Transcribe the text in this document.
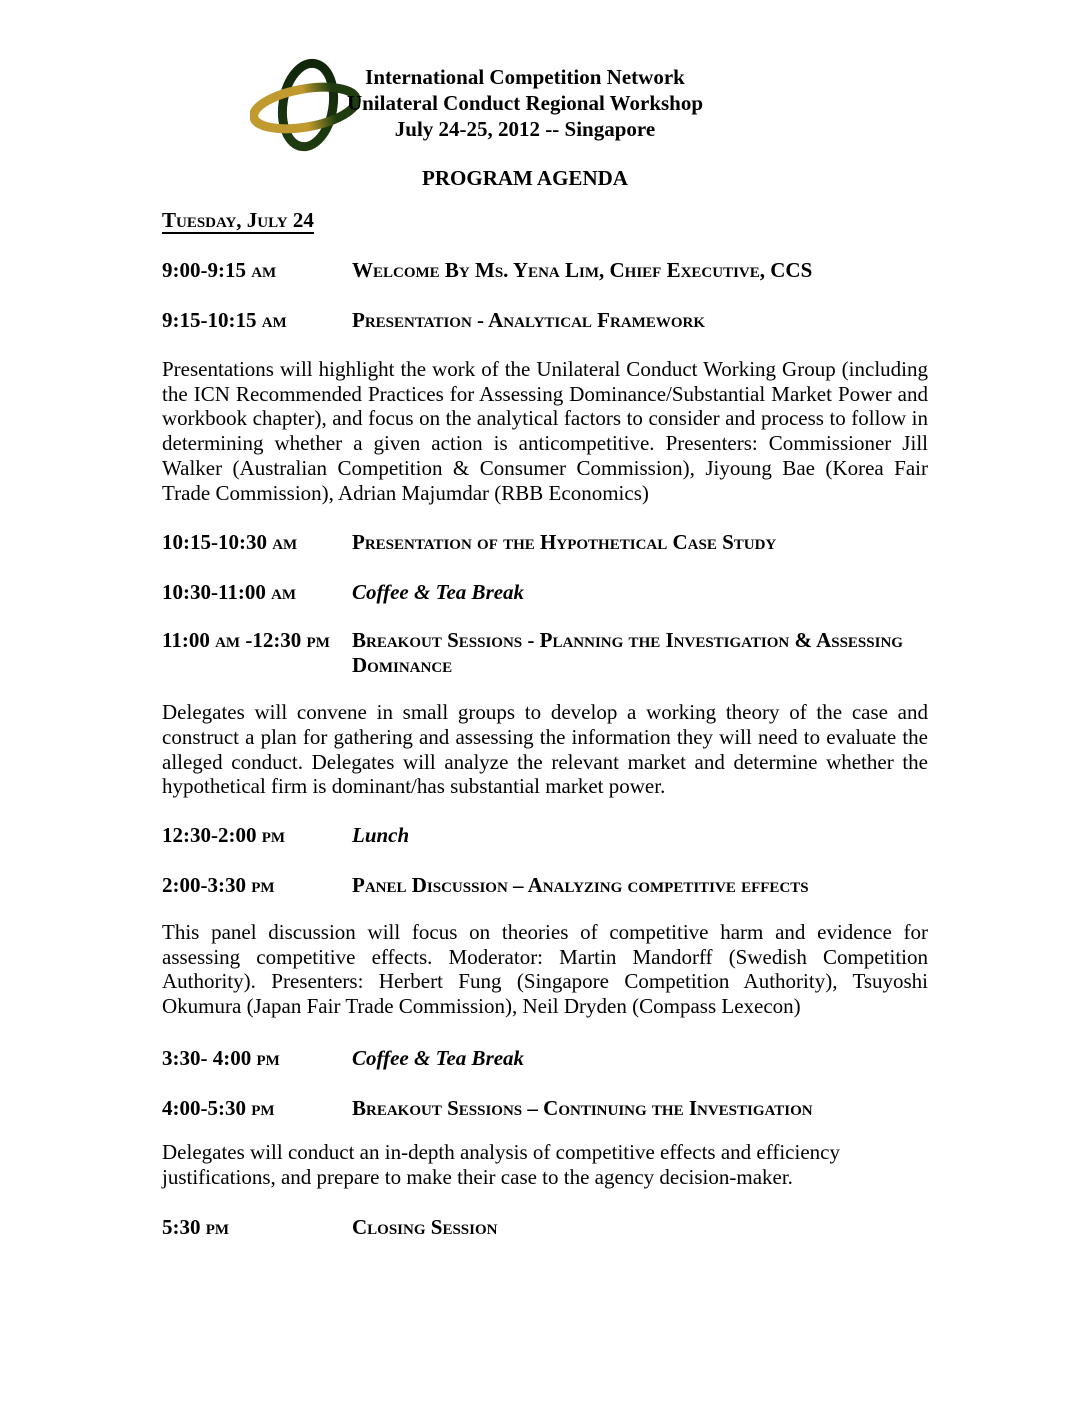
International Competition Network
Unilateral Conduct Regional Workshop
July 24-25, 2012 -- Singapore
PROGRAM AGENDA
Tuesday, July 24
9:00-9:15 am	Welcome By Ms. Yena Lim, Chief Executive, CCS
9:15-10:15 am	Presentation - Analytical Framework

Presentations will highlight the work of the Unilateral Conduct Working Group (including the ICN Recommended Practices for Assessing Dominance/Substantial Market Power and workbook chapter), and focus on the analytical factors to consider and process to follow in determining whether a given action is anticompetitive. Presenters: Commissioner Jill Walker (Australian Competition & Consumer Commission), Jiyoung Bae (Korea Fair Trade Commission), Adrian Majumdar (RBB Economics)

10:15-10:30 am	Presentation of the Hypothetical Case Study
10:30-11:00 am	Coffee & Tea Break
11:00 am -12:30 pm	Breakout Sessions - Planning the Investigation & Assessing Dominance

Delegates will convene in small groups to develop a working theory of the case and construct a plan for gathering and assessing the information they will need to evaluate the alleged conduct. Delegates will analyze the relevant market and determine whether the hypothetical firm is dominant/has substantial market power.

12:30-2:00 pm	Lunch
2:00-3:30 pm	Panel Discussion – Analyzing competitive effects

This panel discussion will focus on theories of competitive harm and evidence for assessing competitive effects. Moderator: Martin Mandorff (Swedish Competition Authority). Presenters: Herbert Fung (Singapore Competition Authority), Tsuyoshi Okumura (Japan Fair Trade Commission), Neil Dryden (Compass Lexecon)

3:30- 4:00 pm	Coffee & Tea Break
4:00-5:30 pm	Breakout Sessions – Continuing the Investigation

Delegates will conduct an in-depth analysis of competitive effects and efficiency justifications, and prepare to make their case to the agency decision-maker.

5:30 pm	Closing Session
